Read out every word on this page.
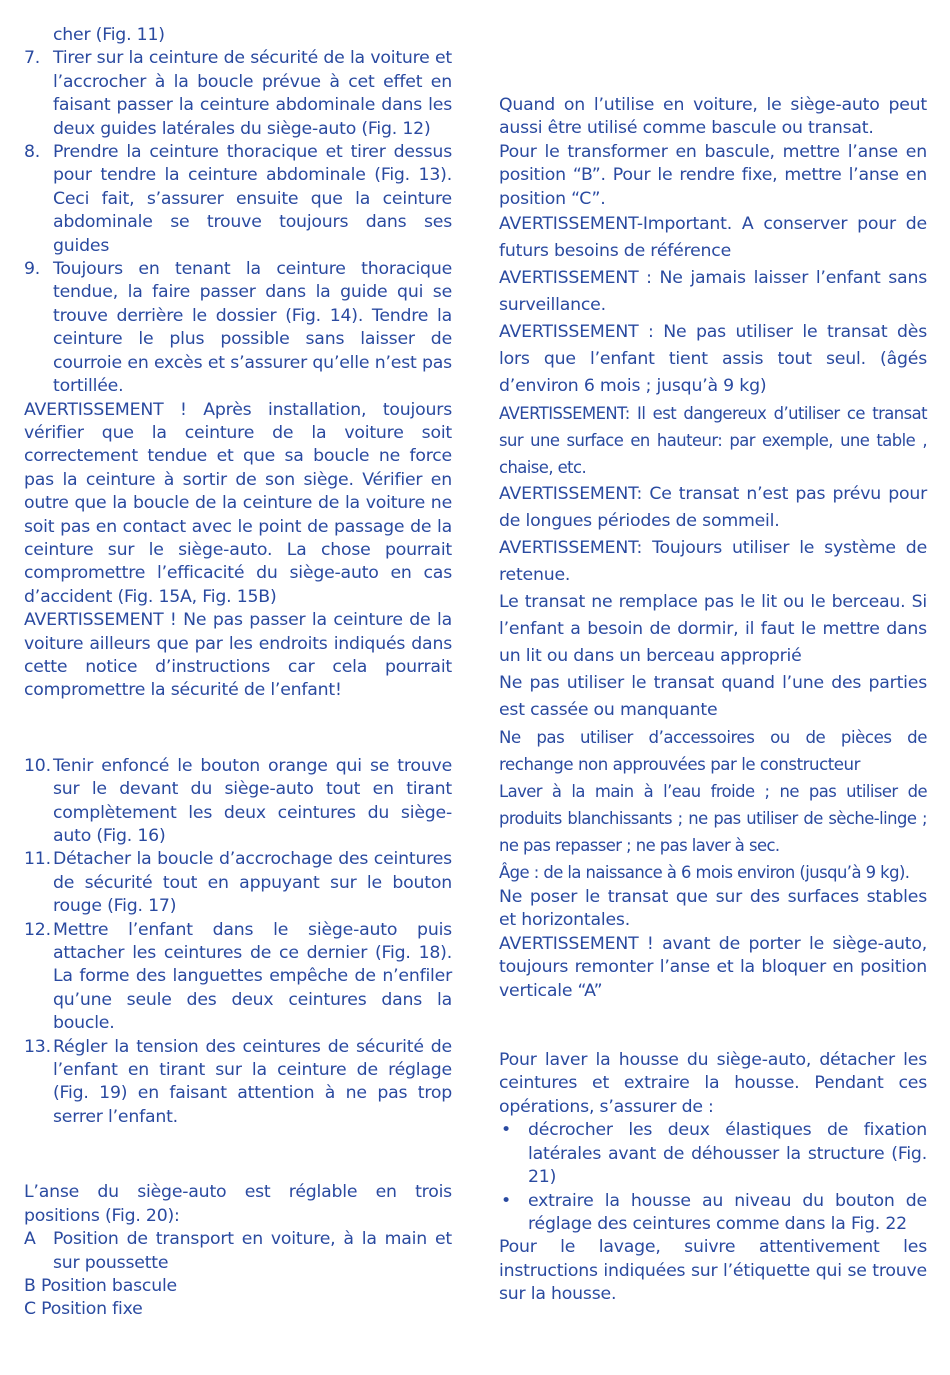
cher (Fig. 11)

7. Tirer sur la ceinture de sécurité de la voiture et l’accrocher à la boucle prévue à cet effet en faisant passer la ceinture abdominale dans les deux guides latérales du siège-auto (Fig. 12)
8. Prendre la ceinture thoracique et tirer dessus pour tendre la ceinture abdominale (Fig. 13). Ceci fait, s’assurer ensuite que la ceinture abdominale se trouve toujours dans ses guides
9. Toujours en tenant la ceinture thoracique tendue, la faire passer dans la guide qui se trouve derrière le dossier (Fig. 14). Tendre la ceinture le plus possible sans laisser de courroie en excès et s’assurer qu’elle n’est pas tortillée.

AVERTISSEMENT ! Après installation, toujours vérifier que la ceinture de la voiture soit correctement tendue et que sa boucle ne force pas la ceinture à sortir de son siège. Vérifier en outre que la boucle de la ceinture de la voiture ne soit pas en contact avec le point de passage de la ceinture sur le siège-auto. La chose pourrait compromettre l’efficacité du siège-auto en cas d’accident (Fig. 15A, Fig. 15B)

AVERTISSEMENT ! Ne pas passer la ceinture de la voiture ailleurs que par les endroits indiqués dans cette notice d’instructions car cela pourrait compromettre la sécurité de l’enfant!

10. Tenir enfoncé le bouton orange qui se trouve sur le devant du siège-auto tout en tirant complètement les deux ceintures du siège-auto (Fig. 16)
11. Détacher la boucle d’accrochage des ceintures de sécurité tout en appuyant sur le bouton rouge (Fig. 17)
12. Mettre l’enfant dans le siège-auto puis attacher les ceintures de ce dernier (Fig. 18). La forme des languettes empêche de n’enfiler qu’une seule des deux ceintures dans la boucle.
13. Régler la tension des ceintures de sécurité de l’enfant en tirant sur la ceinture de réglage (Fig. 19) en faisant attention à ne pas trop serrer l’enfant.

L’anse du siège-auto est réglable en trois positions (Fig. 20):

A Position de transport en voiture, à la main et sur poussette

B Position bascule

C Position fixe

Quand on l’utilise en voiture, le siège-auto peut aussi être utilisé comme bascule ou transat.

Pour le transformer en bascule, mettre l’anse en position “B”. Pour le rendre fixe, mettre l’anse en position “C”.

AVERTISSEMENT-Important. A conserver pour de futurs besoins de référence

AVERTISSEMENT : Ne jamais laisser l’enfant sans surveillance.

AVERTISSEMENT : Ne pas utiliser le transat dès lors que l’enfant tient assis tout seul. (âgés d’environ 6 mois ; jusqu’à 9 kg)

AVERTISSEMENT: Il est dangereux d’utiliser ce transat sur une surface en hauteur: par exemple, une table , chaise, etc.

AVERTISSEMENT: Ce transat n’est pas prévu pour de longues périodes de sommeil.

AVERTISSEMENT: Toujours utiliser le système de retenue.

Le transat ne remplace pas le lit ou le berceau. Si l’enfant a besoin de dormir, il faut le mettre dans un lit ou dans un berceau approprié

Ne pas utiliser le transat quand l’une des parties est cassée ou manquante

Ne pas utiliser d’accessoires ou de pièces de rechange non approuvées par le constructeur

Laver à la main à l’eau froide ; ne pas utiliser de produits blanchissants ; ne pas utiliser de sèche-linge ; ne pas repasser ; ne pas laver à sec.

Âge : de la naissance à 6 mois environ (jusqu’à 9 kg).

Ne poser le transat que sur des surfaces stables et horizontales.

AVERTISSEMENT ! avant de porter le siège-auto, toujours remonter l’anse et la bloquer en position verticale “A”

Pour laver la housse du siège-auto, détacher les ceintures et extraire la housse. Pendant ces opérations, s’assurer de :

• décrocher les deux élastiques de fixation latérales avant de déhousser la structure (Fig. 21)
• extraire la housse au niveau du bouton de réglage des ceintures comme dans la Fig. 22

Pour le lavage, suivre attentivement les instructions indiquées sur l’étiquette qui se trouve sur la housse.
